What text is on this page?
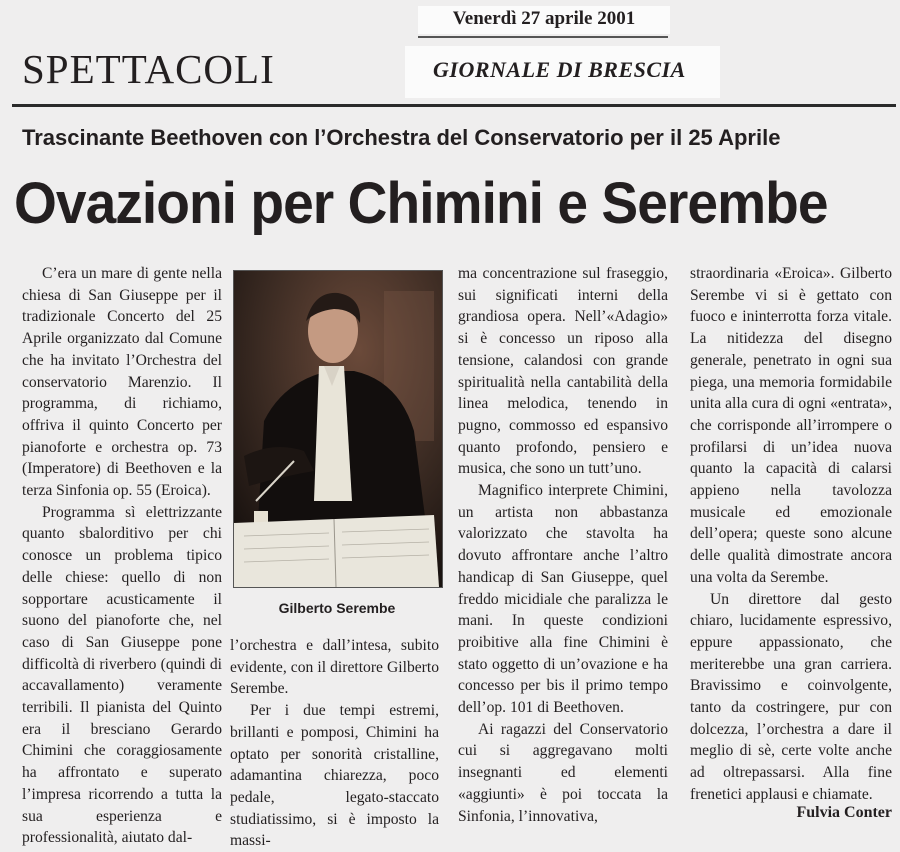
Venerdì 27 aprile 2001
SPETTACOLI	GIORNALE DI BRESCIA
Trascinante Beethoven con l’Orchestra del Conservatorio per il 25 Aprile
Ovazioni per Chimini e Serembe

C’era un mare di gente nella chiesa di San Giuseppe per il tradizionale Concerto del 25 Aprile organizzato dal Comune che ha invitato l’Orchestra del conservatorio Marenzio. Il programma, di richiamo, offriva il quinto Concerto per pianoforte e orchestra op. 73 (Imperatore) di Beethoven e la terza Sinfonia op. 55 (Eroica).

Programma sì elettrizzante quanto sbalorditivo per chi conosce un problema tipico delle chiese: quello di non sopportare acusticamente il suono del pianoforte che, nel caso di San Giuseppe pone difficoltà di riverbero (quindi di accavallamento) veramente terribili. Il pianista del Quinto era il bresciano Gerardo Chimini che coraggiosamente ha affrontato e superato l’impresa ricorrendo a tutta la sua esperienza e professionalità, aiutato dal-

Gilberto Serembe

l’orchestra e dall’intesa, subito evidente, con il direttore Gilberto Serembe.

Per i due tempi estremi, brillanti e pomposi, Chimini ha optato per sonorità cristalline, adamantina chiarezza, poco pedale, legato-staccato studiatissimo, si è imposto la massi-

ma concentrazione sul fraseggio, sui significati interni della grandiosa opera. Nell’«Adagio» si è concesso un riposo alla tensione, calandosi con grande spiritualità nella cantabilità della linea melodica, tenendo in pugno, commosso ed espansivo quanto profondo, pensiero e musica, che sono un tutt’uno.

Magnifico interprete Chimini, un artista non abbastanza valorizzato che stavolta ha dovuto affrontare anche l’altro handicap di San Giuseppe, quel freddo micidiale che paralizza le mani. In queste condizioni proibitive alla fine Chimini è stato oggetto di un’ovazione e ha concesso per bis il primo tempo dell’op. 101 di Beethoven.

Ai ragazzi del Conservatorio cui si aggregavano molti insegnanti ed elementi «aggiunti» è poi toccata la Sinfonia, l’innovativa,

straordinaria «Eroica». Gilberto Serembe vi si è gettato con fuoco e ininterrotta forza vitale. La nitidezza del disegno generale, penetrato in ogni sua piega, una memoria formidabile unita alla cura di ogni «entrata», che corrisponde all’irrompere o profilarsi di un’idea nuova quanto la capacità di calarsi appieno nella tavolozza musicale ed emozionale dell’opera; queste sono alcune delle qualità dimostrate ancora una volta da Serembe.

Un direttore dal gesto chiaro, lucidamente espressivo, eppure appassionato, che meriterebbe una gran carriera. Bravissimo e coinvolgente, tanto da costringere, pur con dolcezza, l’orchestra a dare il meglio di sè, certe volte anche ad oltrepassarsi. Alla fine frenetici applausi e chiamate.

Fulvia Conter
